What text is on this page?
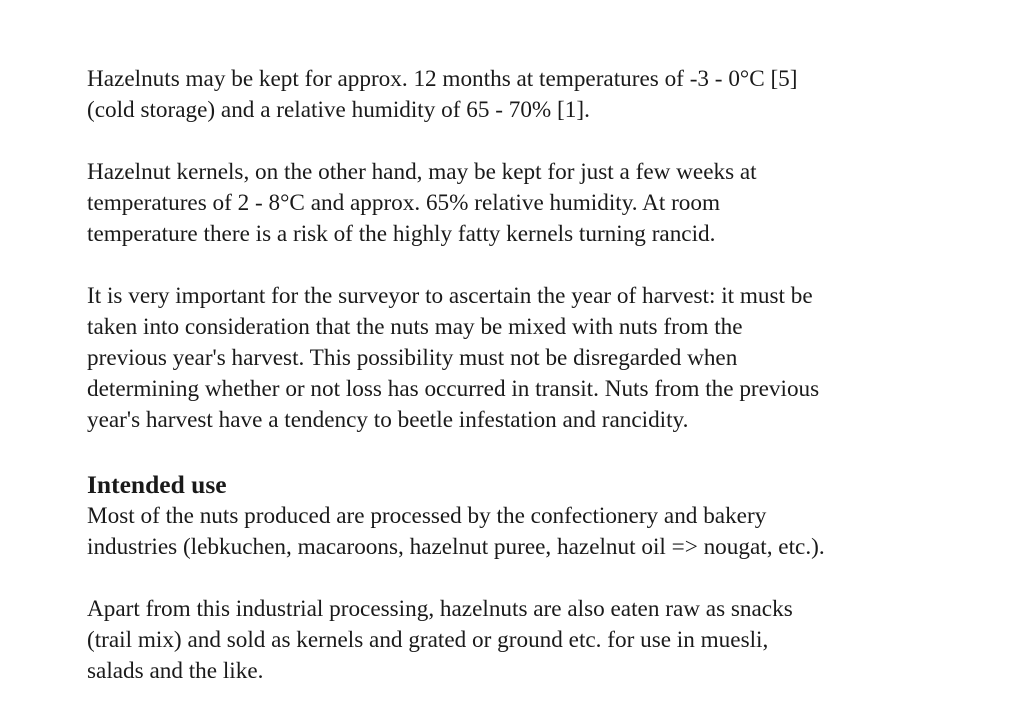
Hazelnuts may be kept for approx. 12 months at temperatures of -3 - 0°C [5]
(cold storage) and a relative humidity of 65 - 70% [1].

Hazelnut kernels, on the other hand, may be kept for just a few weeks at
temperatures of 2 - 8°C and approx. 65% relative humidity. At room
temperature there is a risk of the highly fatty kernels turning rancid.

It is very important for the surveyor to ascertain the year of harvest: it must be
taken into consideration that the nuts may be mixed with nuts from the
previous year's harvest. This possibility must not be disregarded when
determining whether or not loss has occurred in transit. Nuts from the previous
year's harvest have a tendency to beetle infestation and rancidity.

Intended use

Most of the nuts produced are processed by the confectionery and bakery
industries (lebkuchen, macaroons, hazelnut puree, hazelnut oil => nougat, etc.).

Apart from this industrial processing, hazelnuts are also eaten raw as snacks
(trail mix) and sold as kernels and grated or ground etc. for use in muesli,
salads and the like.
